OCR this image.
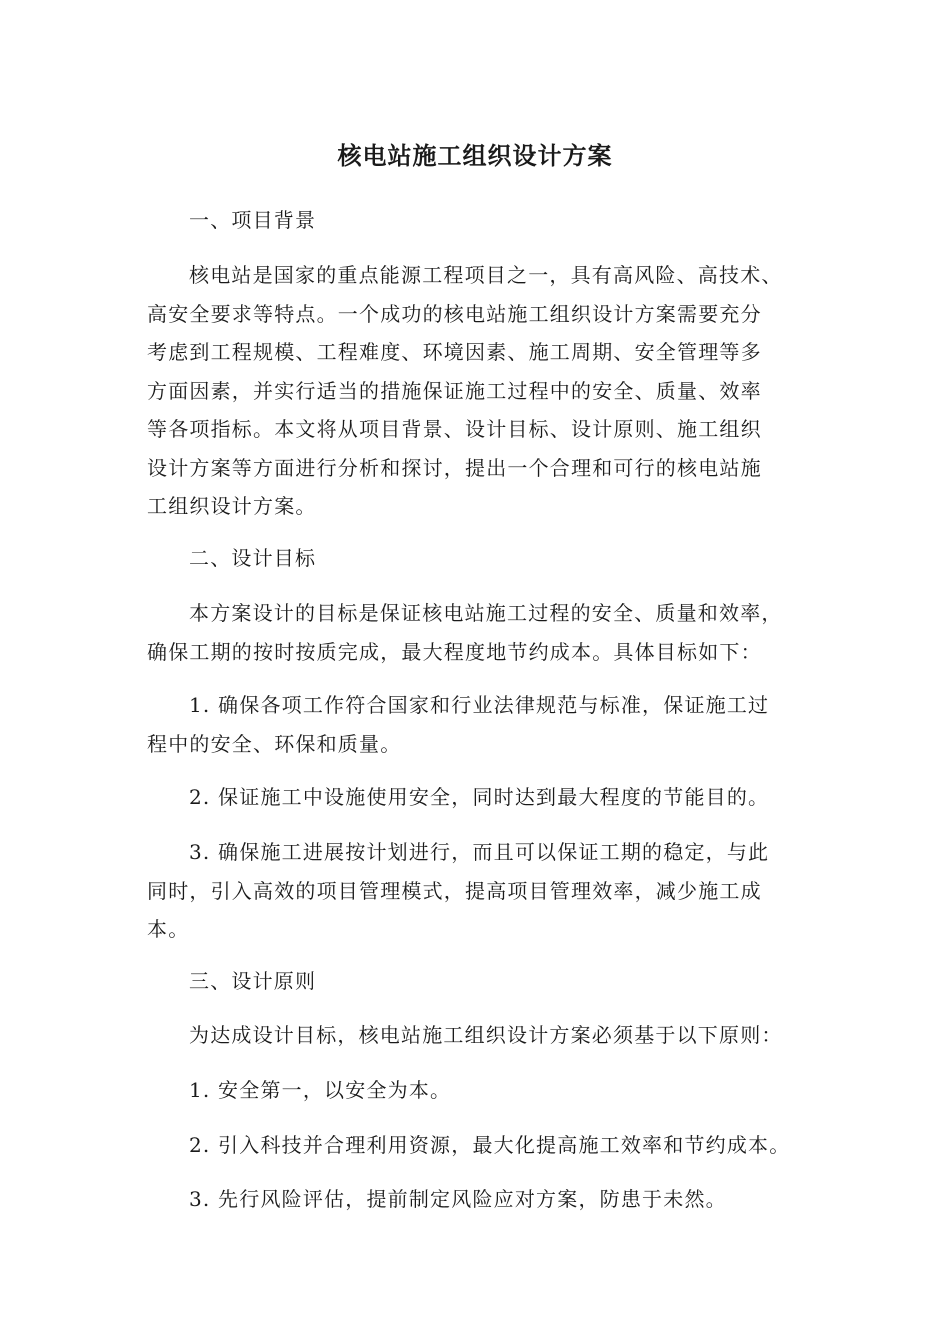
核电站施工组织设计方案
一、项目背景
核电站是国家的重点能源工程项目之一，具有高风险、高技术、
高安全要求等特点。一个成功的核电站施工组织设计方案需要充分
考虑到工程规模、工程难度、环境因素、施工周期、安全管理等多
方面因素，并实行适当的措施保证施工过程中的安全、质量、效率
等各项指标。本文将从项目背景、设计目标、设计原则、施工组织
设计方案等方面进行分析和探讨，提出一个合理和可行的核电站施
工组织设计方案。
二、设计目标
本方案设计的目标是保证核电站施工过程的安全、质量和效率，
确保工期的按时按质完成，最大程度地节约成本。具体目标如下：
1. 确保各项工作符合国家和行业法律规范与标准，保证施工过
程中的安全、环保和质量。
2. 保证施工中设施使用安全，同时达到最大程度的节能目的。
3. 确保施工进展按计划进行，而且可以保证工期的稳定，与此
同时，引入高效的项目管理模式，提高项目管理效率，减少施工成
本。
三、设计原则
为达成设计目标，核电站施工组织设计方案必须基于以下原则：
1. 安全第一，以安全为本。
2. 引入科技并合理利用资源，最大化提高施工效率和节约成本。
3. 先行风险评估，提前制定风险应对方案，防患于未然。
